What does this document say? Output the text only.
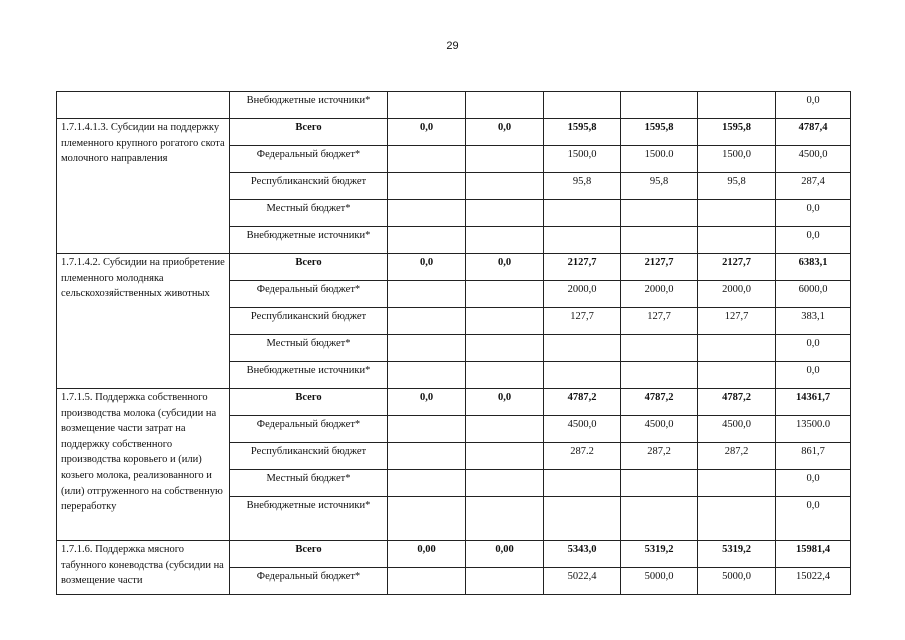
29
	Внебюджетные источники*						0,0
1.7.1.4.1.3. Субсидии на поддержку племенного крупного рогатого скота молочного направления	Всего	0,0	0,0	1595,8	1595,8	1595,8	4787,4
	Федеральный бюджет*			1500,0	1500.0	1500,0	4500,0
	Республиканский бюджет			95,8	95,8	95,8	287,4
	Местный бюджет*						0,0
	Внебюджетные источники*						0,0
1.7.1.4.2. Субсидии на приобретение племенного молодняка сельскохозяйственных животных	Всего	0,0	0,0	2127,7	2127,7	2127,7	6383,1
	Федеральный бюджет*			2000,0	2000,0	2000,0	6000,0
	Республиканский бюджет			127,7	127,7	127,7	383,1
	Местный бюджет*						0,0
	Внебюджетные источники*						0,0
1.7.1.5. Поддержка собственного производства молока (субсидии на возмещение части затрат на поддержку собственного производства коровьего и (или) козьего молока, реализованного и (или) отгруженного на собственную переработку	Всего	0,0	0,0	4787,2	4787,2	4787,2	14361,7
	Федеральный бюджет*			4500,0	4500,0	4500,0	13500.0
	Республиканский бюджет			287.2	287,2	287,2	861,7
	Местный бюджет*						0,0
	Внебюджетные источники*						0,0
1.7.1.6. Поддержка мясного табунного коневодства (субсидии на возмещение части	Всего	0,00	0,00	5343,0	5319,2	5319,2	15981,4
	Федеральный бюджет*			5022,4	5000,0	5000,0	15022,4
